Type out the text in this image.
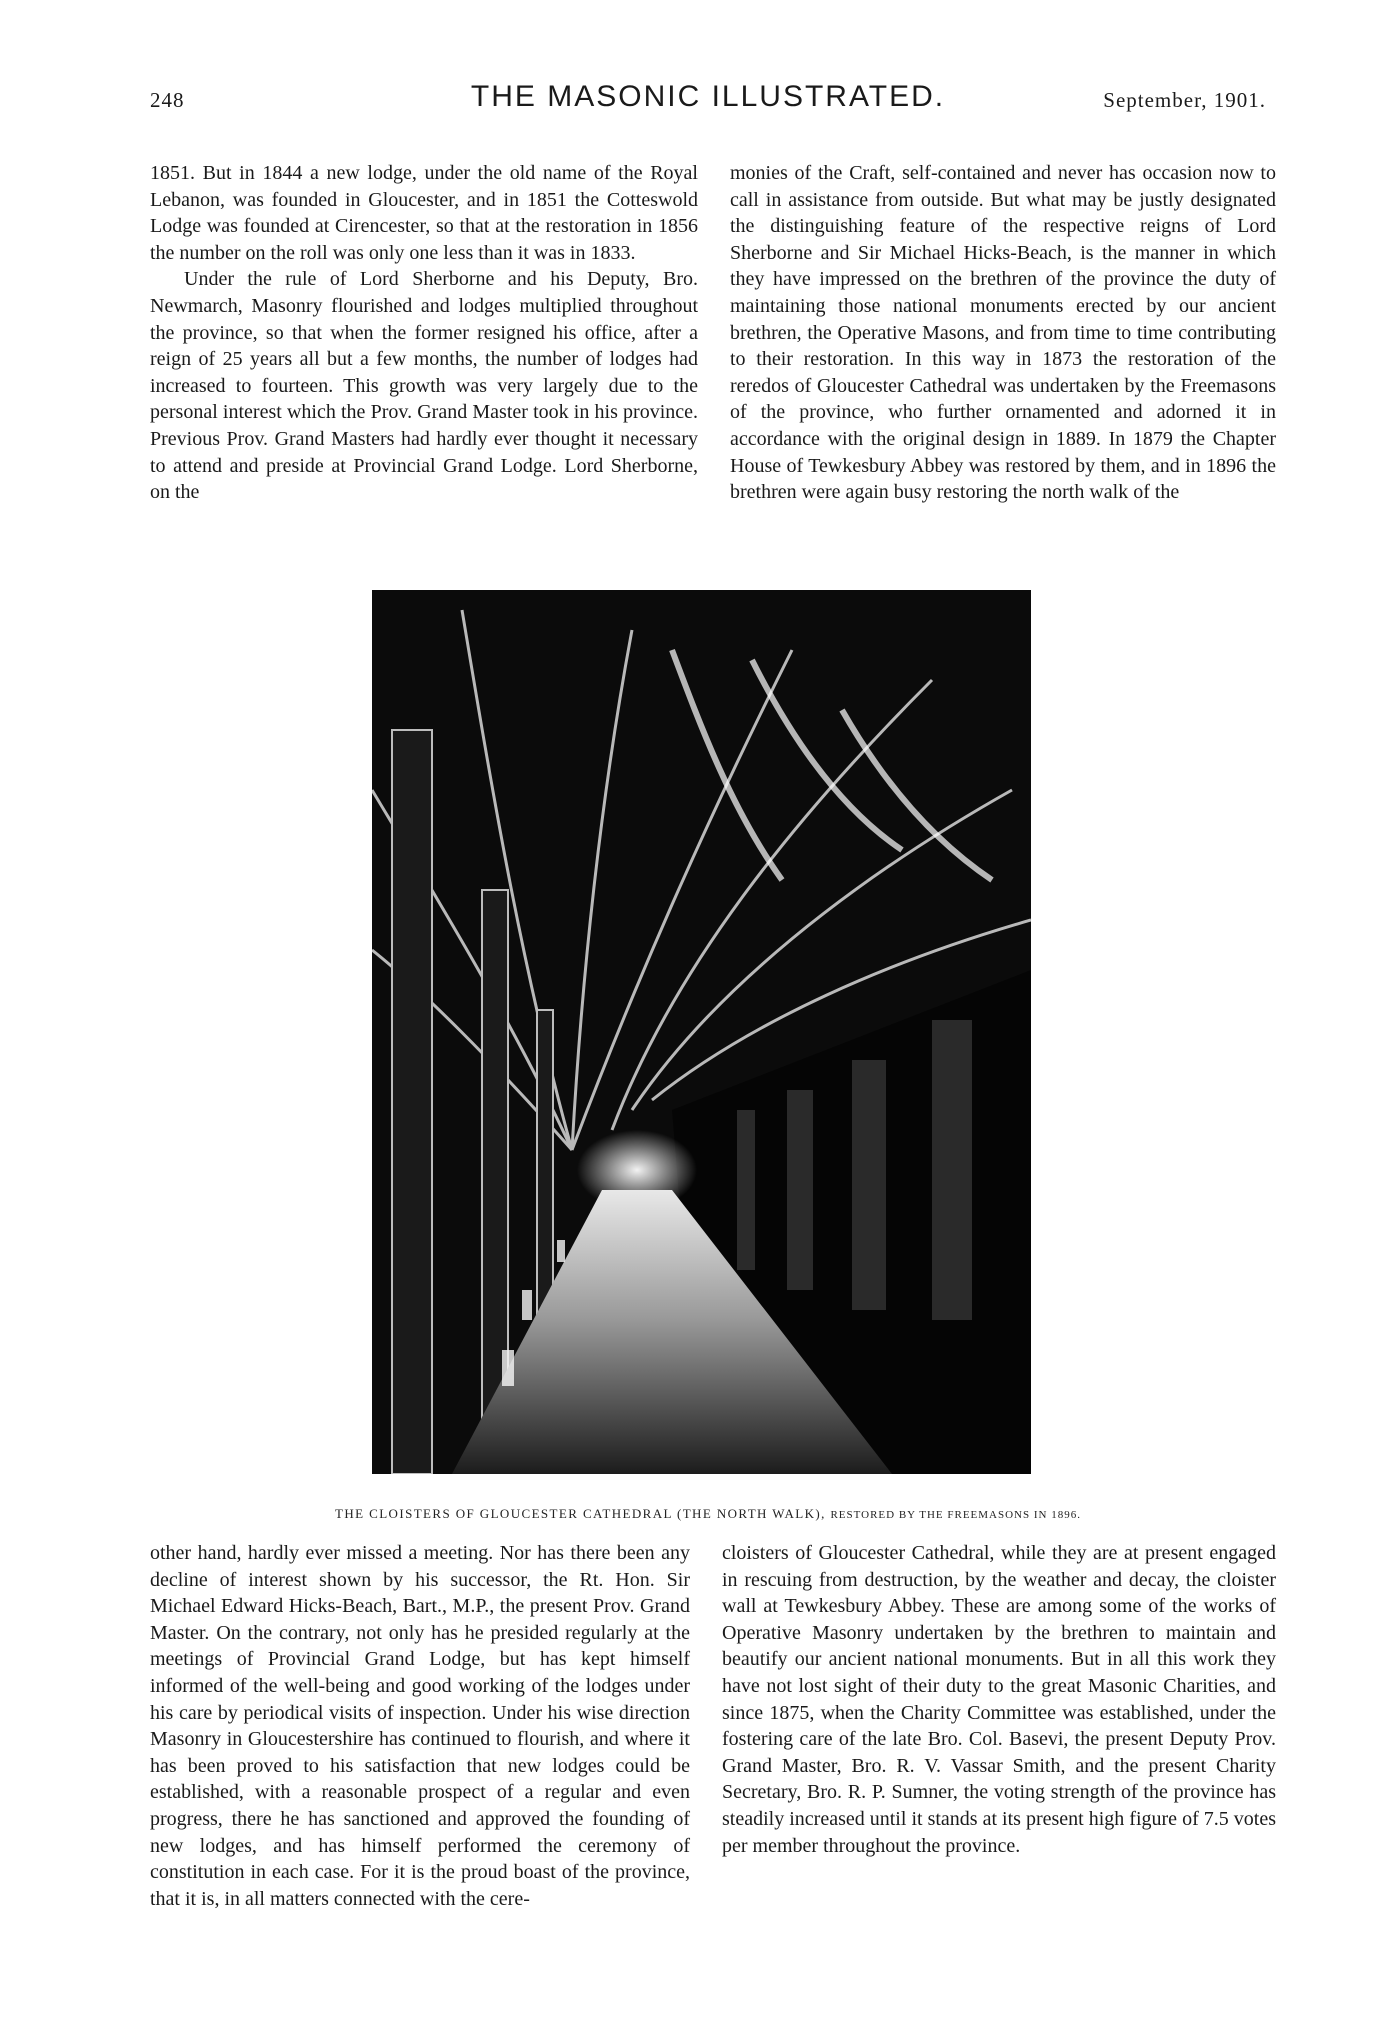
248	THE MASONIC ILLUSTRATED.	September, 1901.

1851. But in 1844 a new lodge, under the old name of the Royal Lebanon, was founded in Gloucester, and in 1851 the Cotteswold Lodge was founded at Cirencester, so that at the restoration in 1856 the number on the roll was only one less than it was in 1833.

Under the rule of Lord Sherborne and his Deputy, Bro. Newmarch, Masonry flourished and lodges multiplied throughout the province, so that when the former resigned his office, after a reign of 25 years all but a few months, the number of lodges had increased to fourteen. This growth was very largely due to the personal interest which the Prov. Grand Master took in his province. Previous Prov. Grand Masters had hardly ever thought it necessary to attend and preside at Provincial Grand Lodge. Lord Sherborne, on the

monies of the Craft, self-contained and never has occasion now to call in assistance from outside. But what may be justly designated the distinguishing feature of the respective reigns of Lord Sherborne and Sir Michael Hicks-Beach, is the manner in which they have impressed on the brethren of the province the duty of maintaining those national monuments erected by our ancient brethren, the Operative Masons, and from time to time contributing to their restoration. In this way in 1873 the restoration of the reredos of Gloucester Cathedral was undertaken by the Freemasons of the province, who further ornamented and adorned it in accordance with the original design in 1889. In 1879 the Chapter House of Tewkesbury Abbey was restored by them, and in 1896 the brethren were again busy restoring the north walk of the

THE CLOISTERS OF GLOUCESTER CATHEDRAL (THE NORTH WALK), RESTORED BY THE FREEMASONS IN 1896.

other hand, hardly ever missed a meeting. Nor has there been any decline of interest shown by his successor, the Rt. Hon. Sir Michael Edward Hicks-Beach, Bart., M.P., the present Prov. Grand Master. On the contrary, not only has he presided regularly at the meetings of Provincial Grand Lodge, but has kept himself informed of the well-being and good working of the lodges under his care by periodical visits of inspection. Under his wise direction Masonry in Gloucestershire has continued to flourish, and where it has been proved to his satisfaction that new lodges could be established, with a reasonable prospect of a regular and even progress, there he has sanctioned and approved the founding of new lodges, and has himself performed the ceremony of constitution in each case. For it is the proud boast of the province, that it is, in all matters connected with the cere-

cloisters of Gloucester Cathedral, while they are at present engaged in rescuing from destruction, by the weather and decay, the cloister wall at Tewkesbury Abbey. These are among some of the works of Operative Masonry undertaken by the brethren to maintain and beautify our ancient national monuments. But in all this work they have not lost sight of their duty to the great Masonic Charities, and since 1875, when the Charity Committee was established, under the fostering care of the late Bro. Col. Basevi, the present Deputy Prov. Grand Master, Bro. R. V. Vassar Smith, and the present Charity Secretary, Bro. R. P. Sumner, the voting strength of the province has steadily increased until it stands at its present high figure of 7.5 votes per member throughout the province.
